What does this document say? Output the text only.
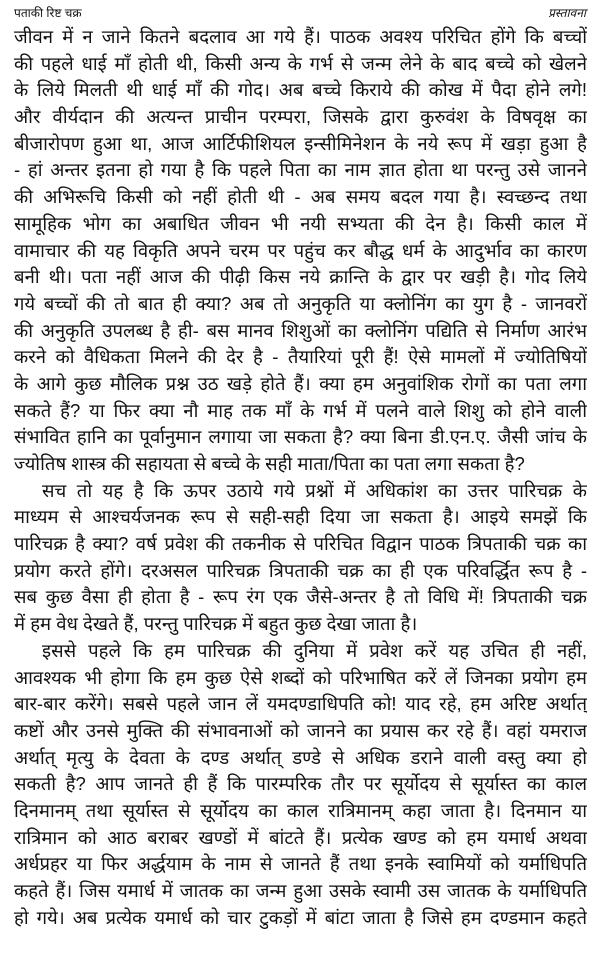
पताकी रिष्ट चक्र	प्रस्तावना
जीवन में न जाने कितने बदलाव आ गये हैं। पाठक अवश्य परिचित होंगे कि बच्चों
की पहले धाई माँ होती थी, किसी अन्य के गर्भ से जन्म लेने के बाद बच्चे को खेलने
के लिये मिलती थी धाई माँ की गोद। अब बच्चे किराये की कोख में पैदा होने लगे!
और वीर्यदान की अत्यन्त प्राचीन परम्परा, जिसके द्वारा कुरुवंश के विषवृक्ष का
बीजारोपण हुआ था, आज आर्टिफीशियल इन्सीमिनेशन के नये रूप में खड़ा हुआ है
- हां अन्तर इतना हो गया है कि पहले पिता का नाम ज्ञात होता था परन्तु उसे जानने
की अभिरूचि किसी को नहीं होती थी - अब समय बदल गया है। स्वच्छन्द तथा
सामूहिक भोग का अबाधित जीवन भी नयी सभ्यता की देन है। किसी काल में
वामाचार की यह विकृति अपने चरम पर पहुंच कर बौद्ध धर्म के आदुर्भाव का कारण
बनी थी। पता नहीं आज की पीढ़ी किस नये क्रान्ति के द्वार पर खड़ी है। गोद लिये
गये बच्चों की तो बात ही क्या? अब तो अनुकृति या क्लोनिंग का युग है - जानवरों
की अनुकृति उपलब्ध है ही- बस मानव शिशुओं का क्लोनिंग पद्यिति से निर्माण आरंभ
करने को वैधिकता मिलने की देर है - तैयारियां पूरी हैं! ऐसे मामलों में ज्योतिषियों
के आगे कुछ मौलिक प्रश्न उठ खड़े होते हैं। क्या हम अनुवांशिक रोगों का पता लगा
सकते हैं? या फिर क्या नौ माह तक माँ के गर्भ में पलने वाले शिशु को होने वाली
संभावित हानि का पूर्वानुमान लगाया जा सकता है? क्या बिना डी.एन.ए. जैसी जांच के
ज्योतिष शास्त्र की सहायता से बच्चे के सही माता/पिता का पता लगा सकता है?
सच तो यह है कि ऊपर उठाये गये प्रश्नों में अधिकांश का उत्तर पारिचक्र के
माध्यम से आश्चर्यजनक रूप से सही-सही दिया जा सकता है। आइये समझें कि
पारिचक्र है क्या? वर्ष प्रवेश की तकनीक से परिचित विद्वान पाठक त्रिपताकी चक्र का
प्रयोग करते होंगे। दरअसल पारिचक्र त्रिपताकी चक्र का ही एक परिवर्द्धित रूप है -
सब कुछ वैसा ही होता है - रूप रंग एक जैसे-अन्तर है तो विधि में! त्रिपताकी चक्र
में हम वेध देखते हैं, परन्तु पारिचक्र में बहुत कुछ देखा जाता है।
इससे पहले कि हम पारिचक्र की दुनिया में प्रवेश करें यह उचित ही नहीं,
आवश्यक भी होगा कि हम कुछ ऐसे शब्दों को परिभाषित करें लें जिनका प्रयोग हम
बार-बार करेंगे। सबसे पहले जान लें यमदण्डाधिपति को! याद रहे, हम अरिष्ट अर्थात्
कष्टों और उनसे मुक्ति की संभावनाओं को जानने का प्रयास कर रहे हैं। वहां यमराज
अर्थात् मृत्यु के देवता के दण्ड अर्थात् डण्डे से अधिक डराने वाली वस्तु क्या हो
सकती है? आप जानते ही हैं कि पारम्परिक तौर पर सूर्योदय से सूर्यास्त का काल
दिनमानम् तथा सूर्यास्त से सूर्योदय का काल रात्रिमानम् कहा जाता है। दिनमान या
रात्रिमान को आठ बराबर खण्डों में बांटते हैं। प्रत्येक खण्ड को हम यमार्ध अथवा
अर्धप्रहर या फिर अर्द्धयाम के नाम से जानते हैं तथा इनके स्वामियों को यर्माधिपति
कहते हैं। जिस यमार्ध में जातक का जन्म हुआ उसके स्वामी उस जातक के यर्माधिपति
हो गये। अब प्रत्येक यमार्ध को चार टुकड़ों में बांटा जाता है जिसे हम दण्डमान कहते
